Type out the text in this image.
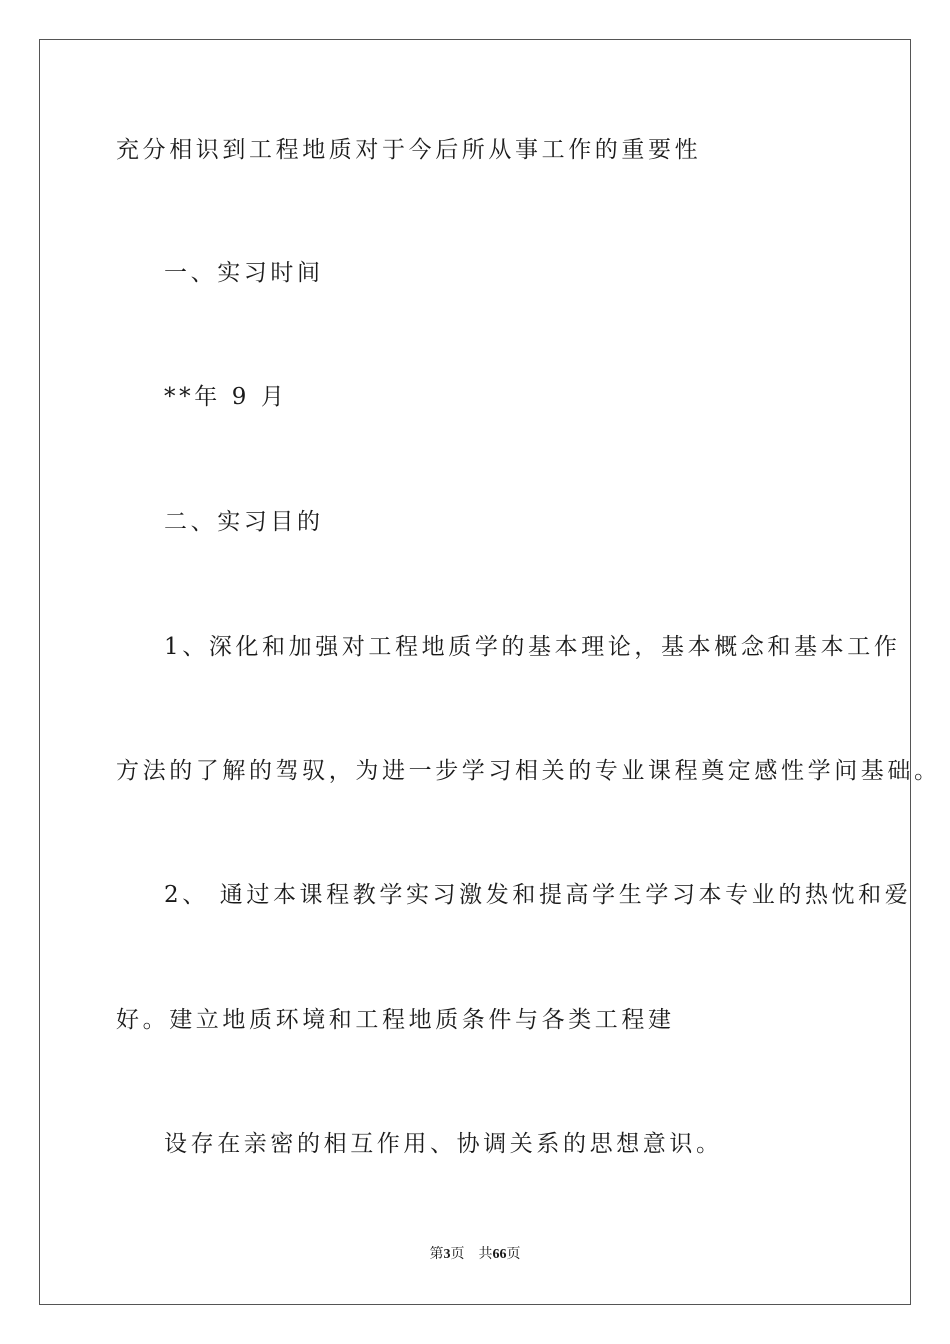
充分相识到工程地质对于今后所从事工作的重要性
一、实习时间
**年 9 月
二、实习目的
1、深化和加强对工程地质学的基本理论，基本概念和基本工作
方法的了解的驾驭，为进一步学习相关的专业课程奠定感性学问基础。
2、 通过本课程教学实习激发和提高学生学习本专业的热忱和爱
好。建立地质环境和工程地质条件与各类工程建
设存在亲密的相互作用、协调关系的思想意识。
第3页 共66页
